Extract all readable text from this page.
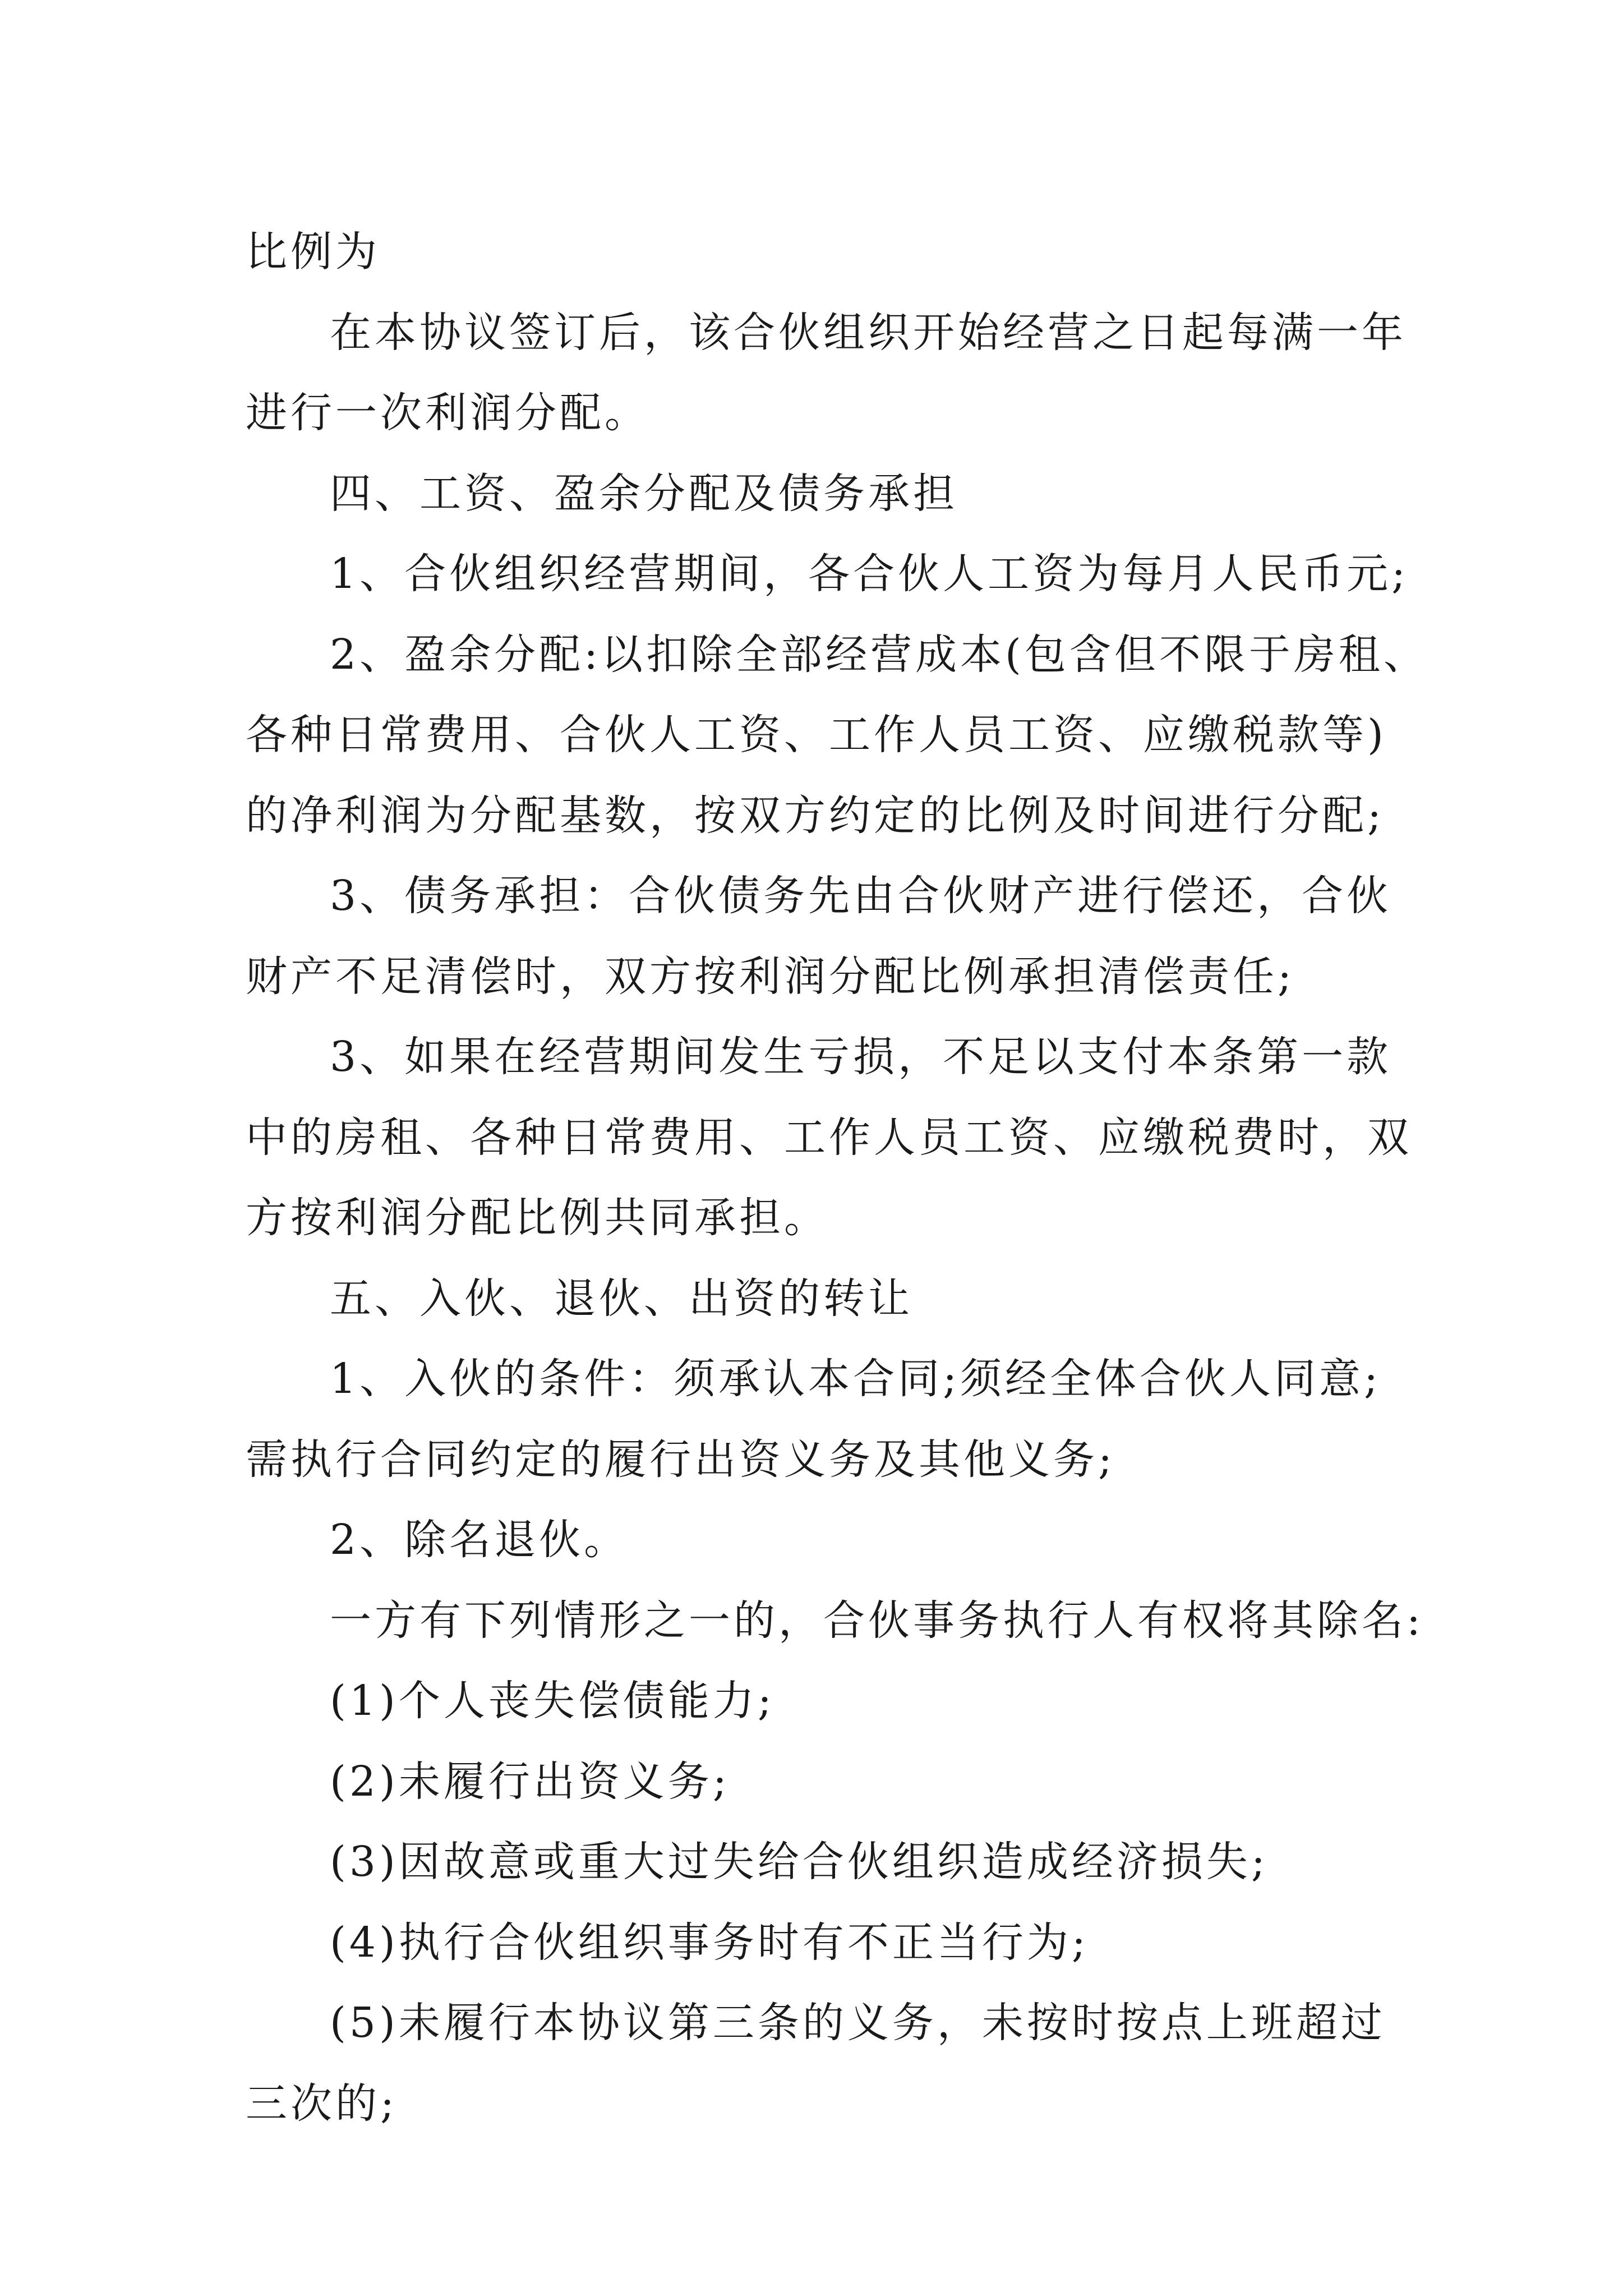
比例为
在本协议签订后，该合伙组织开始经营之日起每满一年
进行一次利润分配。
四、工资、盈余分配及债务承担
1、合伙组织经营期间，各合伙人工资为每月人民币元;
2、盈余分配:以扣除全部经营成本(包含但不限于房租、
各种日常费用、合伙人工资、工作人员工资、应缴税款等)
的净利润为分配基数，按双方约定的比例及时间进行分配;
3、债务承担：合伙债务先由合伙财产进行偿还，合伙
财产不足清偿时，双方按利润分配比例承担清偿责任;
3、如果在经营期间发生亏损，不足以支付本条第一款
中的房租、各种日常费用、工作人员工资、应缴税费时，双
方按利润分配比例共同承担。
五、入伙、退伙、出资的转让
1、入伙的条件：须承认本合同;须经全体合伙人同意;
需执行合同约定的履行出资义务及其他义务;
2、除名退伙。
一方有下列情形之一的，合伙事务执行人有权将其除名:
(1)个人丧失偿债能力;
(2)未履行出资义务;
(3)因故意或重大过失给合伙组织造成经济损失;
(4)执行合伙组织事务时有不正当行为;
(5)未履行本协议第三条的义务，未按时按点上班超过
三次的;
